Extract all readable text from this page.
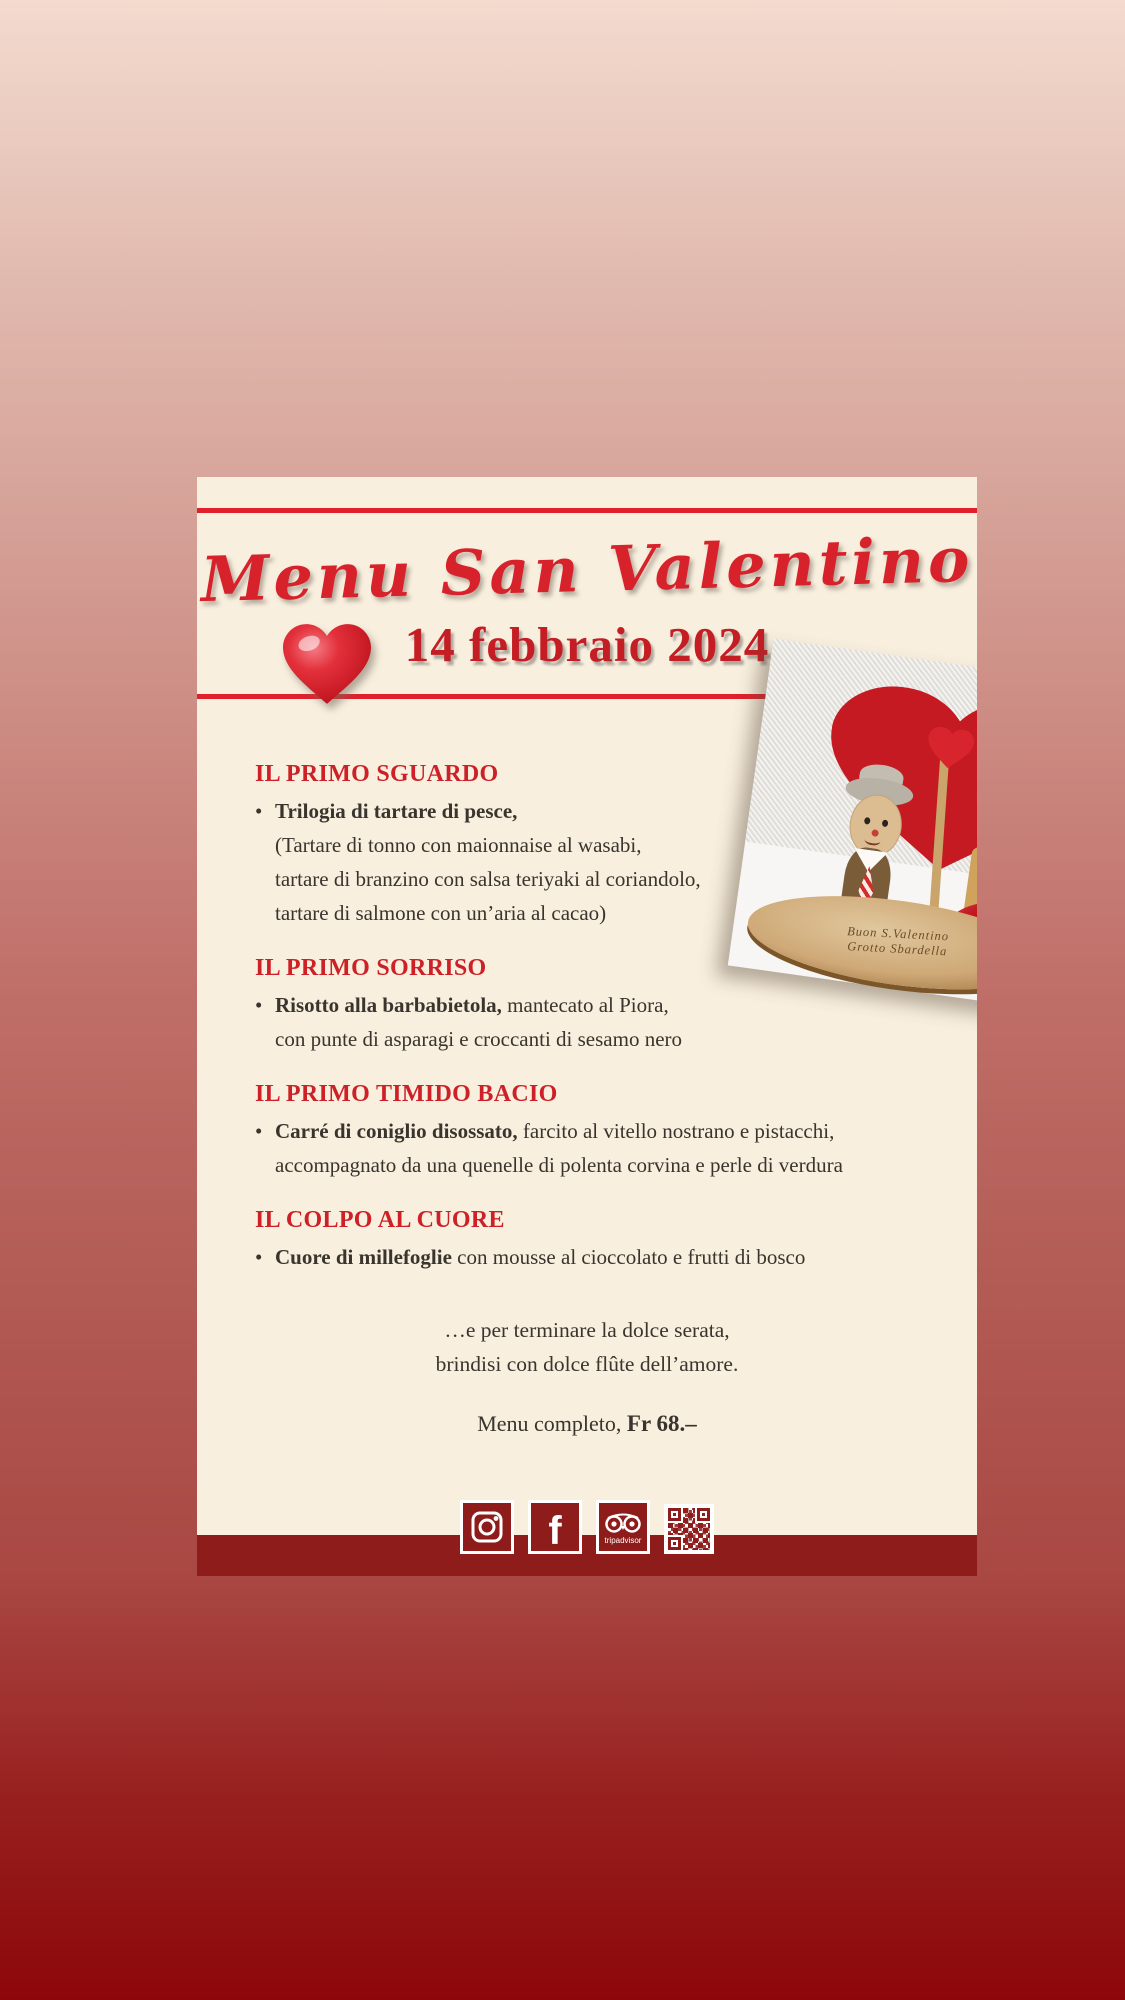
Menu San Valentino
14 febbraio 2024
Buon S.Valentino
Grotto Sbardella
IL PRIMO SGUARDO
• Trilogia di tartare di pesce,
(Tartare di tonno con maionnaise al wasabi,
tartare di branzino con salsa teriyaki al coriandolo,
tartare di salmone con un’aria al cacao)
IL PRIMO SORRISO
• Risotto alla barbabietola, mantecato al Piora,
con punte di asparagi e croccanti di sesamo nero
IL PRIMO TIMIDO BACIO
• Carré di coniglio disossato, farcito al vitello nostrano e pistacchi,
accompagnato da una quenelle di polenta corvina e perle di verdura
IL COLPO AL CUORE
• Cuore di millefoglie con mousse al cioccolato e frutti di bosco
…e per terminare la dolce serata,
brindisi con dolce flûte dell’amore.
Menu completo, Fr 68.–
f	tripadvisor
